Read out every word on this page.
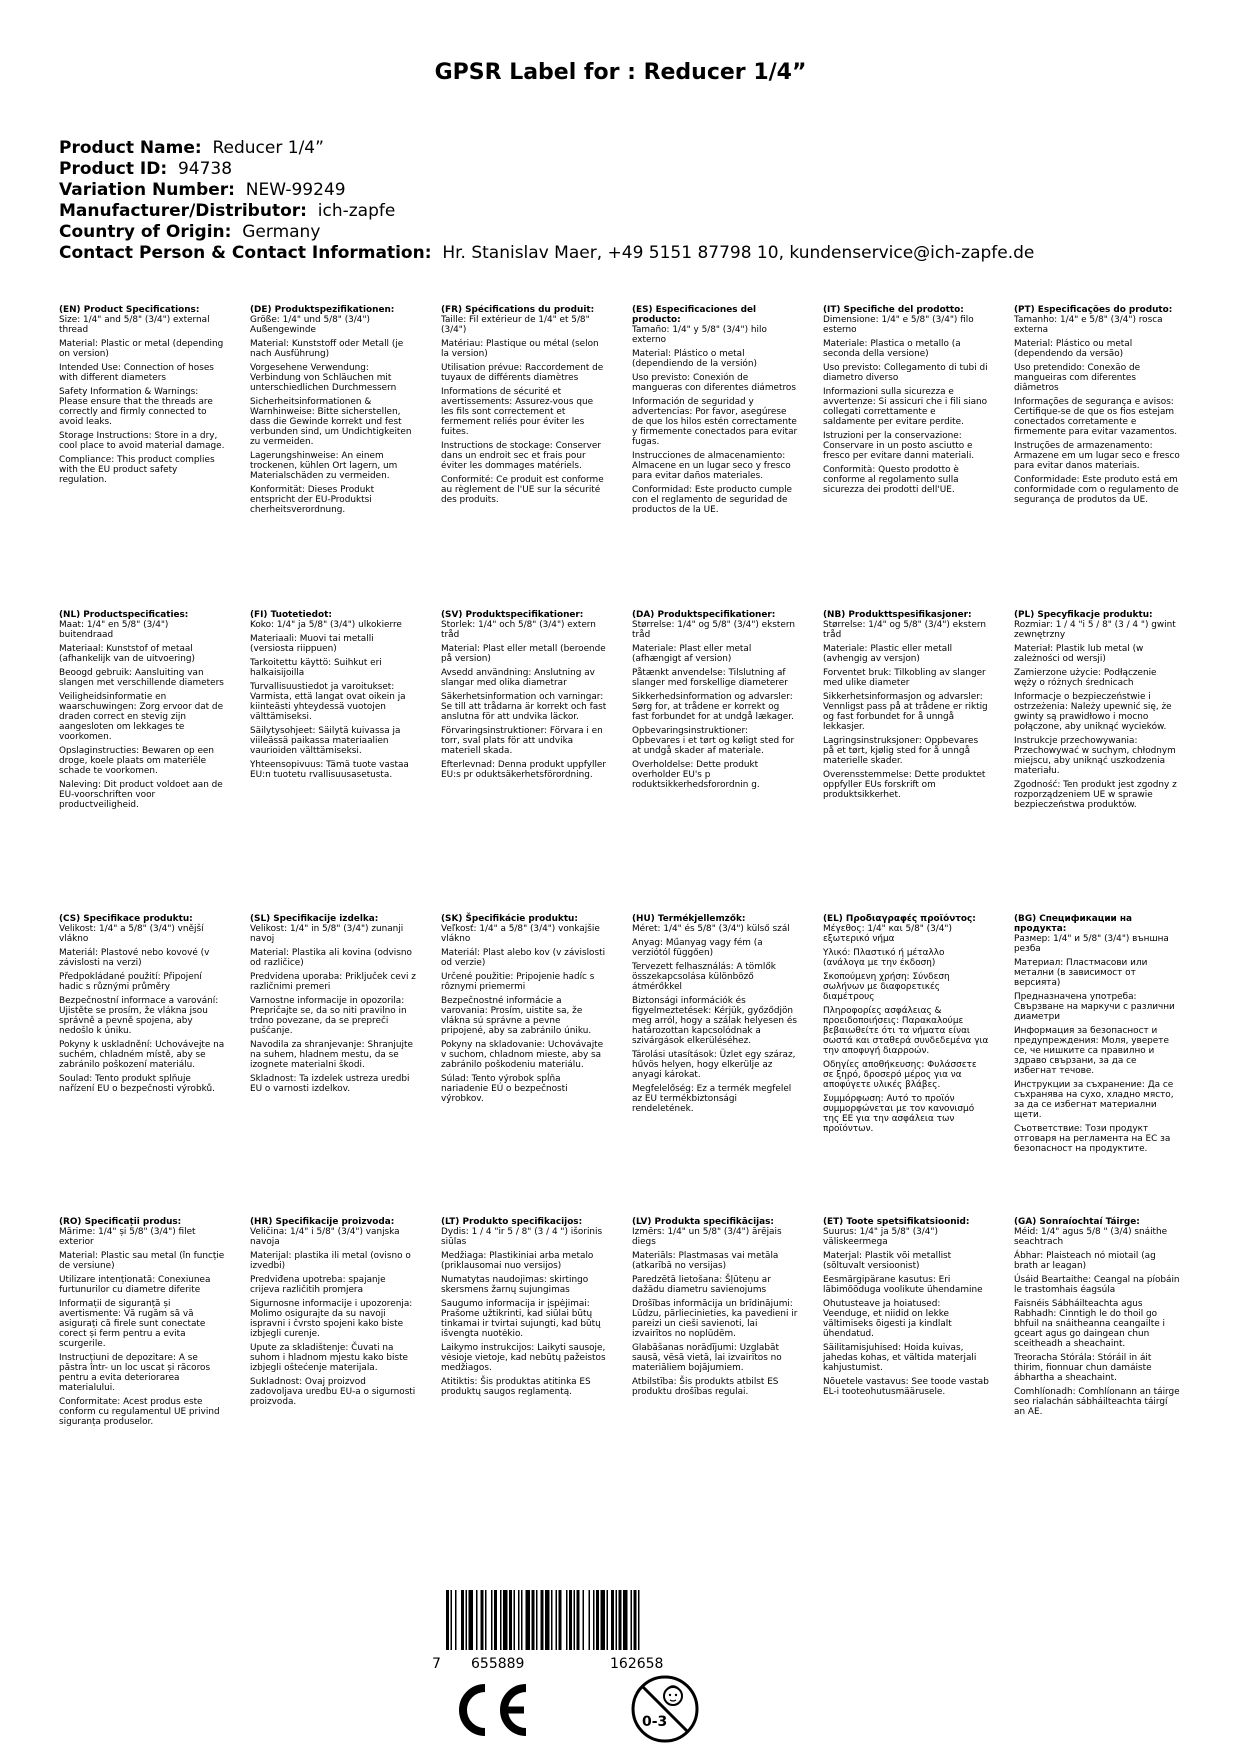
GPSR Label for : Reducer 1/4”
Product Name: Reducer 1/4”
Product ID: 94738
Variation Number: NEW-99249
Manufacturer/Distributor: ich-zapfe
Country of Origin: Germany
Contact Person & Contact Information: Hr. Stanislav Maer, +49 5151 87798 10, kundenservice@ich-zapfe.de
(EN) Product Specifications:

Size: 1/4" and 5/8" (3/4") external thread

Material: Plastic or metal (depending on version)

Intended Use: Connection of hoses with different diameters

Safety Information & Warnings: Please ensure that the threads are correctly and firmly connected to avoid leaks.

Storage Instructions: Store in a dry, cool place to avoid material damage.

Compliance: This product complies with the EU product safety regulation.

(DE) Produktspezifikationen:

Größe: 1/4" und 5/8" (3/4") Außengewinde

Material: Kunststoff oder Metall (je nach Ausführung)

Vorgesehene Verwendung: Verbindung von Schläuchen mit unterschiedlichen Durchmessern

Sicherheitsinformationen & Warnhinweise: Bitte sicherstellen, dass die Gewinde korrekt und fest verbunden sind, um Undichtigkeiten zu vermeiden.

Lagerungshinweise: An einem trockenen, kühlen Ort lagern, um Materialschäden zu vermeiden.

Konformität: Dieses Produkt entspricht der EU-Produktsi cherheitsverordnung.

(FR) Spécifications du produit:

Taille: Fil extérieur de 1/4" et 5/8" (3/4")

Matériau: Plastique ou métal (selon la version)

Utilisation prévue: Raccordement de tuyaux de différents diamètres

Informations de sécurité et avertissements: Assurez-vous que les fils sont correctement et fermement reliés pour éviter les fuites.

Instructions de stockage: Conserver dans un endroit sec et frais pour éviter les dommages matériels.

Conformité: Ce produit est conforme au règlement de l'UE sur la sécurité des produits.

(ES) Especificaciones del producto:

Tamaño: 1/4" y 5/8" (3/4") hilo externo

Material: Plástico o metal (dependiendo de la versión)

Uso previsto: Conexión de mangueras con diferentes diámetros

Información de seguridad y advertencias: Por favor, asegúrese de que los hilos estén correctamente y firmemente conectados para evitar fugas.

Instrucciones de almacenamiento: Almacene en un lugar seco y fresco para evitar daños materiales.

Conformidad: Este producto cumple con el reglamento de seguridad de productos de la UE.

(IT) Specifiche del prodotto:

Dimensione: 1/4" e 5/8" (3/4") filo esterno

Materiale: Plastica o metallo (a seconda della versione)

Uso previsto: Collegamento di tubi di diametro diverso

Informazioni sulla sicurezza e avvertenze: Si assicuri che i fili siano collegati correttamente e saldamente per evitare perdite.

Istruzioni per la conservazione: Conservare in un posto asciutto e fresco per evitare danni materiali.

Conformità: Questo prodotto è conforme al regolamento sulla sicurezza dei prodotti dell'UE.

(PT) Especificações do produto:

Tamanho: 1/4" e 5/8" (3/4") rosca externa

Material: Plástico ou metal (dependendo da versão)

Uso pretendido: Conexão de mangueiras com diferentes diâmetros

Informações de segurança e avisos: Certifique-se de que os fios estejam conectados corretamente e firmemente para evitar vazamentos.

Instruções de armazenamento: Armazene em um lugar seco e fresco para evitar danos materiais.

Conformidade: Este produto está em conformidade com o regulamento de segurança de produtos da UE.

(NL) Productspecificaties:

Maat: 1/4" en 5/8" (3/4") buitendraad

Materiaal: Kunststof of metaal (afhankelijk van de uitvoering)

Beoogd gebruik: Aansluiting van slangen met verschillende diameters

Veiligheidsinformatie en waarschuwingen: Zorg ervoor dat de draden correct en stevig zijn aangesloten om lekkages te voorkomen.

Opslaginstructies: Bewaren op een droge, koele plaats om materiële schade te voorkomen.

Naleving: Dit product voldoet aan de EU-voorschriften voor productveiligheid.

(FI) Tuotetiedot:

Koko: 1/4" ja 5/8" (3/4") ulkokierre

Materiaali: Muovi tai metalli (versiosta riippuen)

Tarkoitettu käyttö: Suihkut eri halkaisijoilla

Turvallisuustiedot ja varoitukset: Varmista, että langat ovat oikein ja kiinteästi yhteydessä vuotojen välttämiseksi.

Säilytysohjeet: Säilytä kuivassa ja viileässä paikassa materiaalien vaurioiden välttämiseksi.

Yhteensopivuus: Tämä tuote vastaa EU:n tuotetu rvallisuusasetusta.

(SV) Produktspecifikationer:

Storlek: 1/4" och 5/8" (3/4") extern tråd

Material: Plast eller metall (beroende på version)

Avsedd användning: Anslutning av slangar med olika diametrar

Säkerhetsinformation och varningar: Se till att trådarna är korrekt och fast anslutna för att undvika läckor.

Förvaringsinstruktioner: Förvara i en torr, sval plats för att undvika materiell skada.

Efterlevnad: Denna produkt uppfyller EU:s pr oduktsäkerhetsförordning.

(DA) Produktspecifikationer:

Størrelse: 1/4" og 5/8" (3/4") ekstern tråd

Materiale: Plast eller metal (afhængigt af version)

Påtænkt anvendelse: Tilslutning af slanger med forskellige diameterer

Sikkerhedsinformation og advarsler: Sørg for, at trådene er korrekt og fast forbundet for at undgå lækager.

Opbevaringsinstruktioner: Opbevares i et tørt og køligt sted for at undgå skader af materiale.

Overholdelse: Dette produkt overholder EU's p roduktsikkerhedsforordnin g.

(NB) Produkttspesifikasjoner:

Størrelse: 1/4" og 5/8" (3/4") ekstern tråd

Materiale: Plastic eller metall (avhengig av versjon)

Forventet bruk: Tilkobling av slanger med ulike diameter

Sikkerhetsinformasjon og advarsler: Vennligst pass på at trådene er riktig og fast forbundet for å unngå lekkasjer.

Lagringsinstruksjoner: Oppbevares på et tørt, kjølig sted for å unngå materielle skader.

Overensstemmelse: Dette produktet oppfyller EUs forskrift om produktsikkerhet.

(PL) Specyfikacje produktu:

Rozmiar: 1 / 4 "i 5 / 8" (3 / 4 ") gwint zewnętrzny

Materiał: Plastik lub metal (w zależności od wersji)

Zamierzone użycie: Podłączenie węży o różnych średnicach

Informacje o bezpieczeństwie i ostrzeżenia: Należy upewnić się, że gwinty są prawidłowo i mocno połączone, aby uniknąć wycieków.

Instrukcje przechowywania: Przechowywać w suchym, chłodnym miejscu, aby uniknąć uszkodzenia materiału.

Zgodność: Ten produkt jest zgodny z rozporządzeniem UE w sprawie bezpieczeństwa produktów.

(CS) Specifikace produktu:

Velikost: 1/4" a 5/8" (3/4") vnější vlákno

Materiál: Plastové nebo kovové (v závislosti na verzi)

Předpokládané použití: Připojení hadic s různými průměry

Bezpečnostní informace a varování: Ujistěte se prosím, že vlákna jsou správně a pevně spojena, aby nedošlo k úniku.

Pokyny k uskladnění: Uchovávejte na suchém, chladném místě, aby se zabránilo poškození materiálu.

Soulad: Tento produkt splňuje nařízení EU o bezpečnosti výrobků.

(SL) Specifikacije izdelka:

Velikost: 1/4" in 5/8" (3/4") zunanji navoj

Material: Plastika ali kovina (odvisno od različice)

Predvidena uporaba: Priključek cevi z različnimi premeri

Varnostne informacije in opozorila: Prepričajte se, da so niti pravilno in trdno povezane, da se prepreči puščanje.

Navodila za shranjevanje: Shranjujte na suhem, hladnem mestu, da se izognete materialni škodi.

Skladnost: Ta izdelek ustreza uredbi EU o varnosti izdelkov.

(SK) Špecifikácie produktu:

Veľkosť: 1/4" a 5/8" (3/4") vonkajšie vlákno

Materiál: Plast alebo kov (v závislosti od verzie)

Určené použitie: Pripojenie hadíc s rôznymi priemermi

Bezpečnostné informácie a varovania: Prosím, uistite sa, že vlákna sú správne a pevne pripojené, aby sa zabránilo úniku.

Pokyny na skladovanie: Uchovávajte v suchom, chladnom mieste, aby sa zabránilo poškodeniu materiálu.

Súlad: Tento výrobok spĺňa nariadenie EÚ o bezpečnosti výrobkov.

(HU) Termékjellemzők:

Méret: 1/4" és 5/8" (3/4") külső szál

Anyag: Műanyag vagy fém (a verziótól függően)

Tervezett felhasználás: A tömlők összekapcsolása különböző átmérőkkel

Biztonsági információk és figyelmeztetések: Kérjük, győződjön meg arról, hogy a szálak helyesen és határozottan kapcsolódnak a szivárgások elkerüléséhez.

Tárolási utasítások: Üzlet egy száraz, hűvös helyen, hogy elkerülje az anyagi károkat.

Megfelelőség: Ez a termék megfelel az EU termékbiztonsági rendeletének.

(EL) Προδιαγραφές προϊόντος:

Μέγεθος: 1/4" και 5/8" (3/4") εξωτερικό νήμα

Υλικό: Πλαστικό ή μέταλλο (ανάλογα με την έκδοση)

Σκοπούμενη χρήση: Σύνδεση σωλήνων με διαφορετικές διαμέτρους

Πληροφορίες ασφάλειας & προειδοποιήσεις: Παρακαλούμε βεβαιωθείτε ότι τα νήματα είναι σωστά και σταθερά συνδεδεμένα για την αποφυγή διαρροών.

Οδηγίες αποθήκευσης: Φυλάσσετε σε ξηρό, δροσερό μέρος για να αποφύγετε υλικές βλάβες.

Συμμόρφωση: Αυτό το προϊόν συμμορφώνεται με τον κανονισμό της ΕΕ για την ασφάλεια των προϊόντων.

(BG) Спецификации на продукта:

Размер: 1/4" и 5/8" (3/4") външна резба

Материал: Пластмасови или метални (в зависимост от версията)

Предназначена употреба: Свързване на маркучи с различни диаметри

Информация за безопасност и предупреждения: Моля, уверете се, че нишките са правилно и здраво свързани, за да се избегнат течове.

Инструкции за съхранение: Да се съхранява на сухо, хладно място, за да се избегнат материални щети.

Съответствие: Този продукт отговаря на регламента на ЕС за безопасност на продуктите.

(RO) Specificații produs:

Mărime: 1/4" și 5/8" (3/4") filet exterior

Material: Plastic sau metal (în funcție de versiune)

Utilizare intenționată: Conexiunea furtunurilor cu diametre diferite

Informații de siguranță și avertismente: Vă rugăm să vă asigurați că firele sunt conectate corect și ferm pentru a evita scurgerile.

Instrucțiuni de depozitare: A se păstra într- un loc uscat și răcoros pentru a evita deteriorarea materialului.

Conformitate: Acest produs este conform cu regulamentul UE privind siguranța produselor.

(HR) Specifikacije proizvoda:

Veličina: 1/4" i 5/8" (3/4") vanjska navoja

Materijal: plastika ili metal (ovisno o izvedbi)

Predviđena upotreba: spajanje crijeva različitih promjera

Sigurnosne informacije i upozorenja: Molimo osigurajte da su navoji ispravni i čvrsto spojeni kako biste izbjegli curenje.

Upute za skladištenje: Čuvati na suhom i hladnom mjestu kako biste izbjegli oštećenje materijala.

Sukladnost: Ovaj proizvod zadovoljava uredbu EU-a o sigurnosti proizvoda.

(LT) Produkto specifikacijos:

Dydis: 1 / 4 "ir 5 / 8" (3 / 4 ") išorinis siūlas

Medžiaga: Plastikiniai arba metalo (priklausomai nuo versijos)

Numatytas naudojimas: skirtingo skersmens žarnų sujungimas

Saugumo informacija ir įspėjimai: Prašome užtikrinti, kad siūlai būtų tinkamai ir tvirtai sujungti, kad būtų išvengta nuotėkio.

Laikymo instrukcijos: Laikyti sausoje, vėsioje vietoje, kad nebūtų pažeistos medžiagos.

Atitiktis: Šis produktas atitinka ES produktų saugos reglamentą.

(LV) Produkta specifikācijas:

Izmērs: 1/4" un 5/8" (3/4") ārējais diegs

Materiāls: Plastmasas vai metāla (atkarībā no versijas)

Paredzētā lietošana: Šļūteņu ar dažādu diametru savienojums

Drošības informācija un brīdinājumi: Lūdzu, pārliecinieties, ka pavedieni ir pareizi un cieši savienoti, lai izvairītos no noplūdēm.

Glabāšanas norādījumi: Uzglabāt sausā, vēsā vietā, lai izvairītos no materiāliem bojājumiem.

Atbilstība: Šis produkts atbilst ES produktu drošības regulai.

(ET) Toote spetsifikatsioonid:

Suurus: 1/4" ja 5/8" (3/4") väliskeermega

Materjal: Plastik või metallist (sõltuvalt versioonist)

Eesmärgipärane kasutus: Eri läbimõõduga voolikute ühendamine

Ohutusteave ja hoiatused: Veenduge, et niidid on lekke vältimiseks õigesti ja kindlalt ühendatud.

Säilitamisjuhised: Hoida kuivas, jahedas kohas, et vältida materjali kahjustumist.

Nõuetele vastavus: See toode vastab EL-i tooteohutusmäärusele.

(GA) Sonraíochtaí Táirge:

Méid: 1/4" agus 5/8 " (3/4) snáithe seachtrach

Ábhar: Plaisteach nó miotail (ag brath ar leagan)

Úsáid Beartaithe: Ceangal na píobáin le trastomhais éagsúla

Faisnéis Sábháilteachta agus Rabhadh: Cinntigh le do thoil go bhfuil na snáitheanna ceangailte i gceart agus go daingean chun sceitheadh a sheachaint.

Treoracha Stórála: Stóráil in áit thirim, fionnuar chun damáiste ábhartha a sheachaint.

Comhlíonadh: Comhlíonann an táirge seo rialachán sábháilteachta táirgí an AE.

7 655889	162658
0-3
